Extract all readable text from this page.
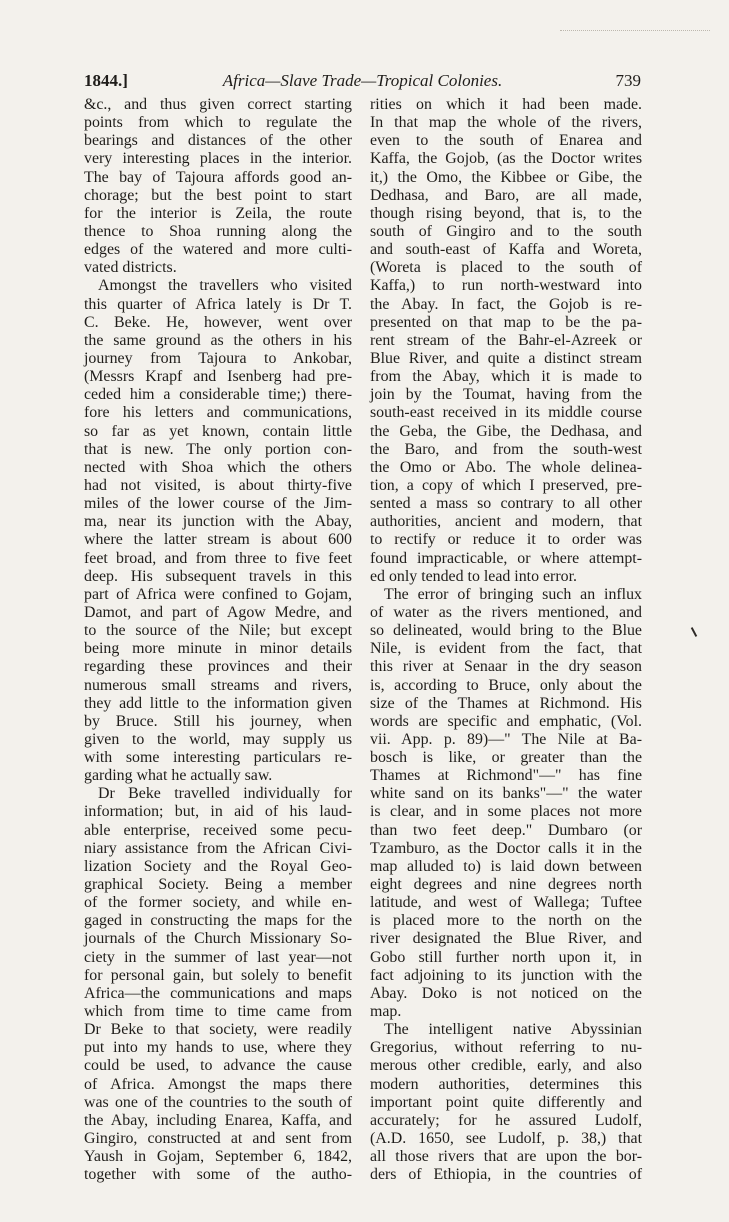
1844.]	Africa—Slave Trade—Tropical Colonies.	739
&c., and thus given correct starting
points from which to regulate the
bearings and distances of the other
very interesting places in the interior.
The bay of Tajoura affords good an-
chorage; but the best point to start
for the interior is Zeila, the route
thence to Shoa running along the
edges of the watered and more culti-
vated districts.
Amongst the travellers who visited
this quarter of Africa lately is Dr T.
C. Beke. He, however, went over
the same ground as the others in his
journey from Tajoura to Ankobar,
(Messrs Krapf and Isenberg had pre-
ceded him a considerable time;) there-
fore his letters and communications,
so far as yet known, contain little
that is new. The only portion con-
nected with Shoa which the others
had not visited, is about thirty-five
miles of the lower course of the Jim-
ma, near its junction with the Abay,
where the latter stream is about 600
feet broad, and from three to five feet
deep. His subsequent travels in this
part of Africa were confined to Gojam,
Damot, and part of Agow Medre, and
to the source of the Nile; but except
being more minute in minor details
regarding these provinces and their
numerous small streams and rivers,
they add little to the information given
by Bruce. Still his journey, when
given to the world, may supply us
with some interesting particulars re-
garding what he actually saw.
Dr Beke travelled individually for
information; but, in aid of his laud-
able enterprise, received some pecu-
niary assistance from the African Civi-
lization Society and the Royal Geo-
graphical Society. Being a member
of the former society, and while en-
gaged in constructing the maps for the
journals of the Church Missionary So-
ciety in the summer of last year—not
for personal gain, but solely to benefit
Africa—the communications and maps
which from time to time came from
Dr Beke to that society, were readily
put into my hands to use, where they
could be used, to advance the cause
of Africa. Amongst the maps there
was one of the countries to the south of
the Abay, including Enarea, Kaffa, and
Gingiro, constructed at and sent from
Yaush in Gojam, September 6, 1842,
together with some of the autho-
rities on which it had been made.
In that map the whole of the rivers,
even to the south of Enarea and
Kaffa, the Gojob, (as the Doctor writes
it,) the Omo, the Kibbee or Gibe, the
Dedhasa, and Baro, are all made,
though rising beyond, that is, to the
south of Gingiro and to the south
and south-east of Kaffa and Woreta,
(Woreta is placed to the south of
Kaffa,) to run north-westward into
the Abay. In fact, the Gojob is re-
presented on that map to be the pa-
rent stream of the Bahr-el-Azreek or
Blue River, and quite a distinct stream
from the Abay, which it is made to
join by the Toumat, having from the
south-east received in its middle course
the Geba, the Gibe, the Dedhasa, and
the Baro, and from the south-west
the Omo or Abo. The whole delinea-
tion, a copy of which I preserved, pre-
sented a mass so contrary to all other
authorities, ancient and modern, that
to rectify or reduce it to order was
found impracticable, or where attempt-
ed only tended to lead into error.
The error of bringing such an influx
of water as the rivers mentioned, and
so delineated, would bring to the Blue
Nile, is evident from the fact, that
this river at Senaar in the dry season
is, according to Bruce, only about the
size of the Thames at Richmond. His
words are specific and emphatic, (Vol.
vii. App. p. 89)—" The Nile at Ba-
bosch is like, or greater than the
Thames at Richmond"—" has fine
white sand on its banks"—" the water
is clear, and in some places not more
than two feet deep." Dumbaro (or
Tzamburo, as the Doctor calls it in the
map alluded to) is laid down between
eight degrees and nine degrees north
latitude, and west of Wallega; Tuftee
is placed more to the north on the
river designated the Blue River, and
Gobo still further north upon it, in
fact adjoining to its junction with the
Abay. Doko is not noticed on the
map.
The intelligent native Abyssinian
Gregorius, without referring to nu-
merous other credible, early, and also
modern authorities, determines this
important point quite differently and
accurately; for he assured Ludolf,
(A.D. 1650, see Ludolf, p. 38,) that
all those rivers that are upon the bor-
ders of Ethiopia, in the countries of
